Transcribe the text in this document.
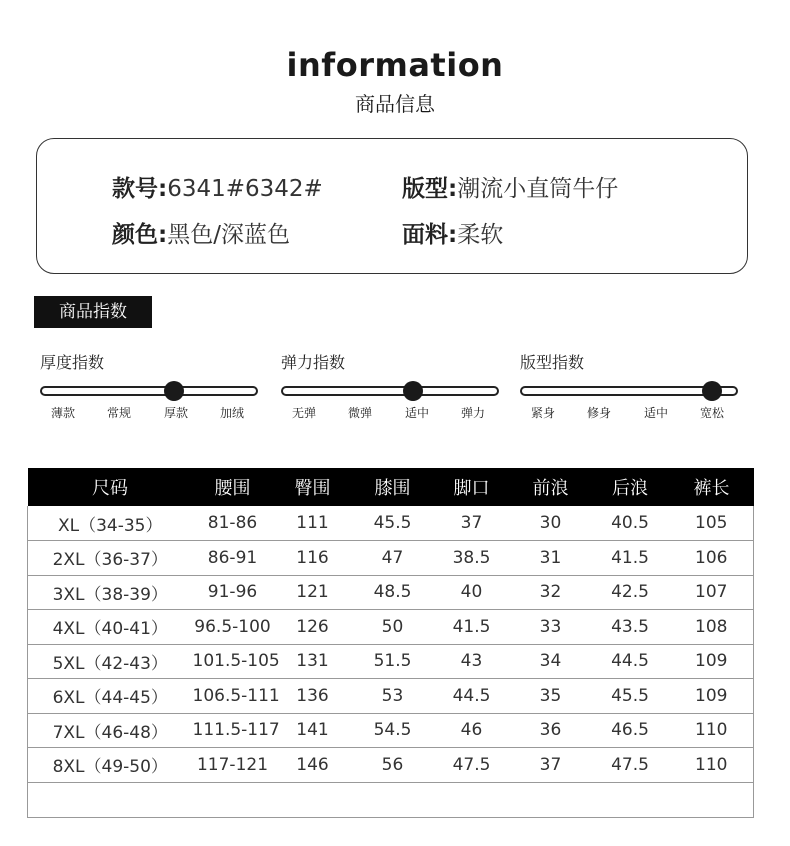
information
商品信息
款号:6341#6342#	版型:潮流小直筒牛仔
颜色:黑色/深蓝色	面料:柔软
商品指数
厚度指数
薄款	常规	厚款	加绒
弹力指数
无弹	微弹	适中	弹力
版型指数
紧身	修身	适中	宽松
尺码	腰围	臀围	膝围	脚口	前浪	后浪	裤长
XL（34-35）	81-86	111	45.5	37	30	40.5	105
2XL（36-37）	86-91	116	47	38.5	31	41.5	106
3XL（38-39）	91-96	121	48.5	40	32	42.5	107
4XL（40-41）	96.5-100	126	50	41.5	33	43.5	108
5XL（42-43）	101.5-105	131	51.5	43	34	44.5	109
6XL（44-45）	106.5-111	136	53	44.5	35	45.5	109
7XL（46-48）	111.5-117	141	54.5	46	36	46.5	110
8XL（49-50）	117-121	146	56	47.5	37	47.5	110
